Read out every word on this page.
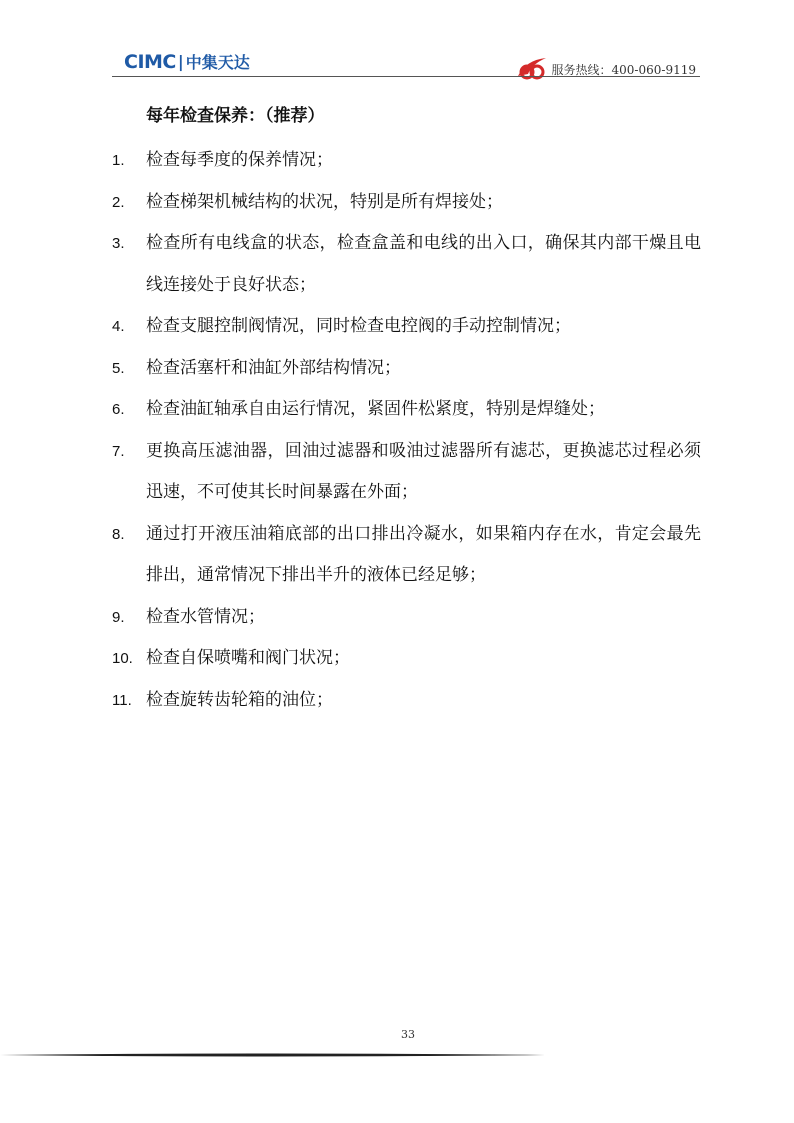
CIMC | 中集天达	服务热线：400-060-9119
每年检查保养：（推荐）
1.	检查每季度的保养情况；
2.	检查梯架机械结构的状况，特别是所有焊接处；
3.	检查所有电线盒的状态，检查盒盖和电线的出入口，确保其内部干燥且电线连接处于良好状态；
4.	检查支腿控制阀情况，同时检查电控阀的手动控制情况；
5.	检查活塞杆和油缸外部结构情况；
6.	检查油缸轴承自由运行情况，紧固件松紧度，特别是焊缝处；
7.	更换高压滤油器，回油过滤器和吸油过滤器所有滤芯，更换滤芯过程必须迅速，不可使其长时间暴露在外面；
8.	通过打开液压油箱底部的出口排出冷凝水，如果箱内存在水，肯定会最先排出，通常情况下排出半升的液体已经足够；
9.	检查水管情况；
10. 检查自保喷嘴和阀门状况；
11. 检查旋转齿轮箱的油位；
33
